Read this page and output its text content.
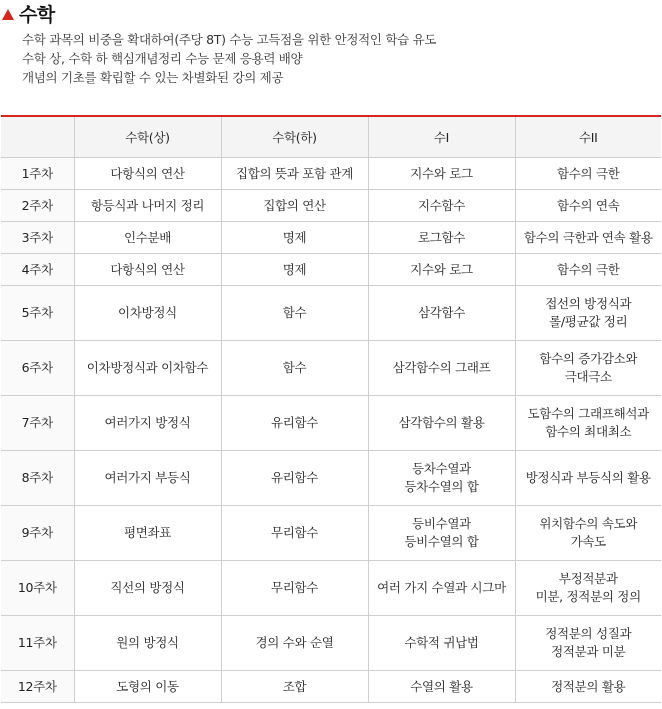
수학
수학 과목의 비중을 확대하여(주당 8T) 수능 고득점을 위한 안정적인 학습 유도
수학 상, 수학 하 핵심개념정리 수능 문제 응용력 배양
개념의 기초를 확립할 수 있는 차별화된 강의 제공
	수학(상)	수학(하)	수I	수II
1주차	다항식의 연산	집합의 뜻과 포함 관계	지수와 로그	함수의 극한

2주차	항등식과 나머지 정리	집합의 연산	지수함수	함수의 연속

3주차	인수분배	명제	로그함수	함수의 극한과 연속 활용

4주차	다항식의 연산	명제	지수와 로그	함수의 극한

5주차	이차방정식	함수	삼각함수	접선의 방정식과
롤/평균값 정리

6주차	이차방정식과 이차함수	함수	삼각함수의 그래프	함수의 증가감소와
극대극소

7주차	여러가지 방정식	유리함수	삼각함수의 활용	도함수의 그래프해석과
함수의 최대최소

8주차	여러가지 부등식	유리함수	등차수열과
등차수열의 합	방정식과 부등식의 활용

9주차	평면좌표	무리함수	등비수열과
등비수열의 합	위치함수의 속도와
가속도

10주차	직선의 방정식	무리함수	여러 가지 수열과 시그마	부정적분과
미분, 정적분의 정의

11주차	원의 방정식	경의 수와 순열	수학적 귀납법	정적분의 성질과
정적분과 미분

12주차	도형의 이동	조합	수열의 활용	정적분의 활용
